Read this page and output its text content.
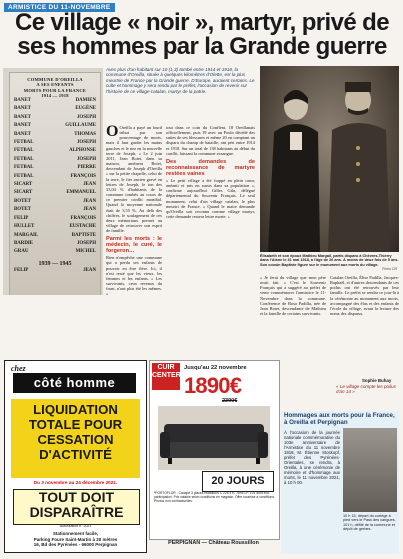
ARMISTICE DU 11-NOVEMBRE
Ce village « noir », martyr, privé de ses hommes par la Grande guerre
COMMUNE D'OREILLA
A SES ENFANTS
MORTS POUR LA FRANCE
1914 — 1918
BANET	DAMIEN
BANET	EUGÈNE
BANET	JOSEPH
BANET	GUILLAUME
BANET	THOMAS
FETBAL	JOSEPH
FETBAL	ALPHONSE
FETBAL	JOSEPH
FETBAL	PIERRE
FETBAL	FRANÇOIS
SICART	JEAN
SICART	EMMANUEL
BOTET	JEAN
BOTET	JEAN
FELIP	FRANÇOIS
HULLET	EUSTACHE
MARGAIL	BAPTISTE
BARDIE	JOSEPH
GRAU	MICHEL
1939 — 1945
FELIP	JEAN
Avec plus d'un habitant sur 10 (1,3) tombé entre 1914 et 1918, la commune d'Oreilla, située à quelques kilomètres d'Olette, est la plus meurtrie de France par la Grande guerre. D'Europe, auraient certains. Le culte et hommage y sera rendu par le préfet, l'occasion de revenir sur l'histoire de ce village catalan, martyr de la patrie.
O Oreilla a payé un lourd tribut par son pourcentage de morts, mais il faut garder les mains gauches et le nez en la nouvelle terre de Joseph, « Le 2 juin 2011, Jean Botet, dans sa maison, amènera Botet, descendant de Joseph d'Oreilla » sur la petite chapelle, celui de la terre, le fier ancien gravé en lettres de Joseph, le ton des 33,04 % d'habitants de la commune tombés au cours de ce premier conflit mondial. Quand la moyenne nationale était de 3,55 %. Au delà des chiffres, le soulagement de ces deux mémoriaux permet au village de retrouver son esprit de famille.
Parmi les morts : le médecin, le curé, le forgeron…
Rien n'empêche une commune qui a perdu ses enfants de pouvoir en être fière. Ici, il n'est resté que les vieux, les femmes et les enfants. « Les survivants, ceux revenus du front, n'ont plus été les mêmes. »
tout dans ce coin du Conflent. 18 Oreillanais officiellement, puis 19 avec un Poulo décédé des suites de ses blessures et même 20 en comptant un disparu du champ de bataille, ont péri entre 1914 et 1918. Sur un total de 138 habitants au début du conflit, laissant la commune exsangue.
Des demandes de reconnaissance de martyre restées vaines
« Le petit village a été frappé en plein cœur, anéanti et mis en sursis dans sa population », confirme aujourd'hui Gilles Gila, délégué départemental du Souvenir Français. Le seul monument, celui d'un village catalan, le plus meurtri de France. « Quand le maire demande qu'Oreilla soit reconnu comme village martyr, cette demande restera lettre morte. »
Élisabeth et son époux Mathieu Margail, partis disparu à Chèvres-Thierry dans l'Aisne le 31 mai 1918, à l'âge de 26 ans. À moins de deux fois de 5 ans. Son cousin Baptiste figure sur le monument aux morts du village.
Photo DR
« Je ferai du village que mon père avait fait. » C'est le Souvenir Français qui a suggéré au préfet de venir commémorer l'armistice le 11-Novembre dans la commune. Conférence de Rosa Padilla, née de Jean Botet, descendante de Mathieu et la famille de certains survivants.
Catalan Oreilla, Élise Padilla, Jacques-Raphaël, et d'autres descendants de ces poilus ont été retrouvés par leur famille. Le préfet se rendra ce jour-là à la cérémonie au monument aux morts, accompagné des élus et des enfants de l'école du village, avant la lecture des noms des disparus.
Sophie Buhay
« Le village compte les poilus d'an 14 »
chez
côté homme
LIQUIDATION
TOTALE POUR
CESSATION
D'ACTIVITÉ
Du 3 novembre au 24 décembre 2021.
TOUT DOIT
DISPARAÎTRE
Autorisation n° 2021
Stationnement facile,
Parking Foure Saint-Martin à 20 mètres
16, Bd des Pyrénées - 66000 Perpignan
CUIR CENTER
Jusqu'au 22 novembre
1890€
2390€
20 JOURS
*PORTOFLOR - Canapé 3 places relaxation. L 226 x H. 7894 LP. 101 dont éco-participation. Prix valable selon conditions en magasin. Offre soumise à conditions. Photos non contractuelles.
PERPIGNAN — Château Roussillon
Hommages aux morts pour la France, à Oreilla et Perpignan
10 h 15, départ du cortège à pied vers le Pass des cangues, 101 h, défilé de la commune et dépôt de gerbes.
À l'occasion de la journée nationale commémorative du 103e anniversaire de l'Armistice du 11 novembre 1918, M. Étienne Stoskopf, préfet des Pyrénées-Orientales, se rendra, à Oreilla, à une cérémonie de mémoire et d'hommage aux morts, le 11 novembre 2021, à 10 h 00.
